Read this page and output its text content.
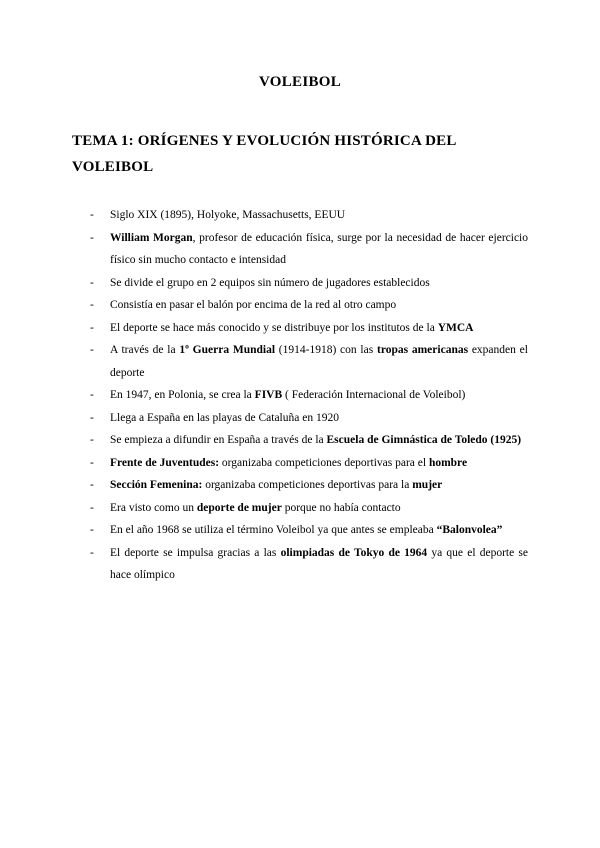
VOLEIBOL
TEMA 1: ORÍGENES Y EVOLUCIÓN HISTÓRICA DEL VOLEIBOL
- Siglo XIX (1895), Holyoke, Massachusetts, EEUU
- William Morgan, profesor de educación física, surge por la necesidad de hacer ejercicio físico sin mucho contacto e intensidad
- Se divide el grupo en 2 equipos sin número de jugadores establecidos
- Consistía en pasar el balón por encima de la red al otro campo
- El deporte se hace más conocido y se distribuye por los institutos de la YMCA
- A través de la 1º Guerra Mundial (1914-1918) con las tropas americanas expanden el deporte
- En 1947, en Polonia, se crea la FIVB ( Federación Internacional de Voleibol)
- Llega a España en las playas de Cataluña en 1920
- Se empieza a difundir en España a través de la Escuela de Gimnástica de Toledo (1925)
- Frente de Juventudes: organizaba competiciones deportivas para el hombre
- Sección Femenina: organizaba competiciones deportivas para la mujer
- Era visto como un deporte de mujer porque no había contacto
- En el año 1968 se utiliza el término Voleibol ya que antes se empleaba “Balonvolea”
- El deporte se impulsa gracias a las olimpiadas de Tokyo de 1964 ya que el deporte se hace olímpico
